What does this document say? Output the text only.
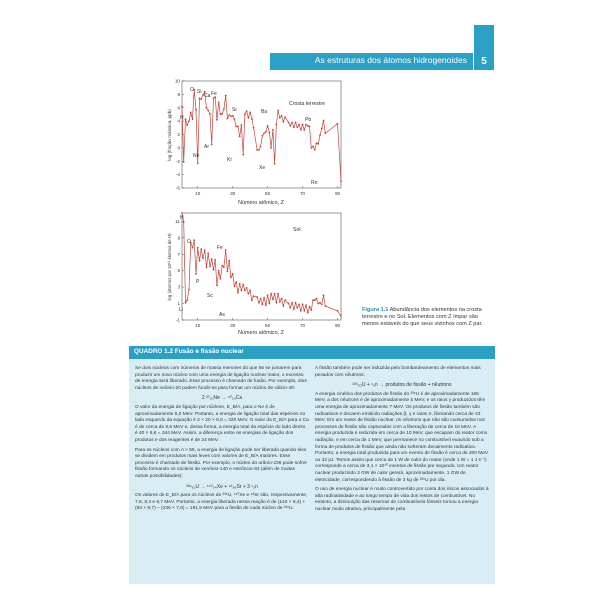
As estruturas dos átomos hidrogenoides	5
10
8
6
4
2
0
-2
-4
-6
10	30	50	70	90
Crosta terrestre
O Si
Ca Fe
Sr	Ba
Pb
H
Ne
Ar
Xe
Kr
Rn
Número atômico, Z
log (fração mássica, ppb)
11
9
7
5
3
1
-1
10	30	50	70	90
Sol
H
O
Fe
P
Sc
As
Li
Número atômico, Z
log (átomos por 10¹² átomos de H)
Figura 1.1 Abundância dos elementos na crosta terrestre e no Sol. Elementos com Z ímpar são menos estáveis do que seus vizinhos com Z par.
QUADRO 1.2 Fusão e fissão nuclear

Se dois núcleos com números de massa menores do que 56 se juntarem para produzir um novo núcleo com uma energia de ligação nuclear maior, o excesso de energia será liberado. Esse processo é chamado de fusão. Por exemplo, dois núcleos de neônio-20 podem fundir-se para formar um núcleo de cálcio-40:

2 ²⁰₁₀Ne → ⁴⁰₂₀Ca

O valor da energia de ligação por núcleon, E_B/A, para o Ne é de aproximadamente 8,0 MeV. Portanto, a energia de ligação total das espécies no lado esquerdo da equação é 2 × 20 × 8,0 = 320 MeV. O valor da E_B/A para o Ca é de cerca de 8,6 MeV e, dessa forma, a energia total da espécie do lado direito é 40 × 8,6 = 344 MeV. Assim, a diferença entre as energias de ligação dos produtos e dos reagentes é de 24 MeV.

Para os núcleos com A > 56, a energia de ligação pode ser liberada quando eles se dividem em produtos mais leves com valores de E_B/A maiores. Esse processo é chamado de fissão. Por exemplo, o núcleo do urânio-236 pode sofrer fissão formando os núcleos de xenônio-140 e estrôncio-93 (além de muitas outras possibilidades):

²³⁶₉₂U → ¹⁴⁰₅₄Xe + ⁹³₃₈Sr + 3 ¹₀n

Os valores de E_B/A para os núcleos de ²³⁶U, ¹⁴⁰Xe e ⁹³Sr são, respectivamente, 7,6, 8,4 e 8,7 MeV. Portanto, a energia liberada nessa reação é de (140 × 8,4) + (93 × 8,7) − (236 × 7,6) = 191,5 MeV para a fissão de cada núcleo de ²³⁶U.

A fissão também pode ser induzida pelo bombardeamento de elementos mais pesados com nêutrons:

²³⁵₉₂U + ¹₀n → produtos de fissão + nêutrons

A energia cinética dos produtos de fissão do ²³⁵U é de aproximadamente 165 MeV, a dos nêutrons é de aproximadamente 5 MeV, e os raios γ produzidos têm uma energia de aproximadamente 7 MeV. Os produtos de fissão também são radioativos e decaem emitindo radiações β, γ e raios X, liberando cerca de 23 MeV. Em um reator de fissão nuclear, os nêutrons que não são consumidos nos processos de fissão são capturados com a liberação de cerca de 10 MeV. A energia produzida é reduzida em cerca de 10 MeV, que escapam do reator como radiação, e em cerca de 1 MeV, que permanece no combustível exaurido sob a forma de produtos de fissão que ainda não sofreram decaimento radioativo. Portanto, a energia total produzida para um evento de fissão é cerca de 200 MeV ou 32 pJ. Temos assim que cerca de 1 W de calor do reator (onde 1 W = 1 J s⁻¹) corresponde a cerca de 3,1 × 10¹⁰ eventos de fissão por segundo. Um reator nuclear produzindo 3 GW de calor gerará, aproximadamente, 1 GW de eletricidade, correspondendo à fissão de 3 kg de ²³⁵U por dia.

O uso de energia nuclear é muito controvertido por conta dos riscos associados à alta radioatividade e ao longo tempo de vida dos restos de combustível. No entanto, a diminuição das reservas de combustíveis fósseis tornou a energia nuclear muito atrativa, principalmente pela
